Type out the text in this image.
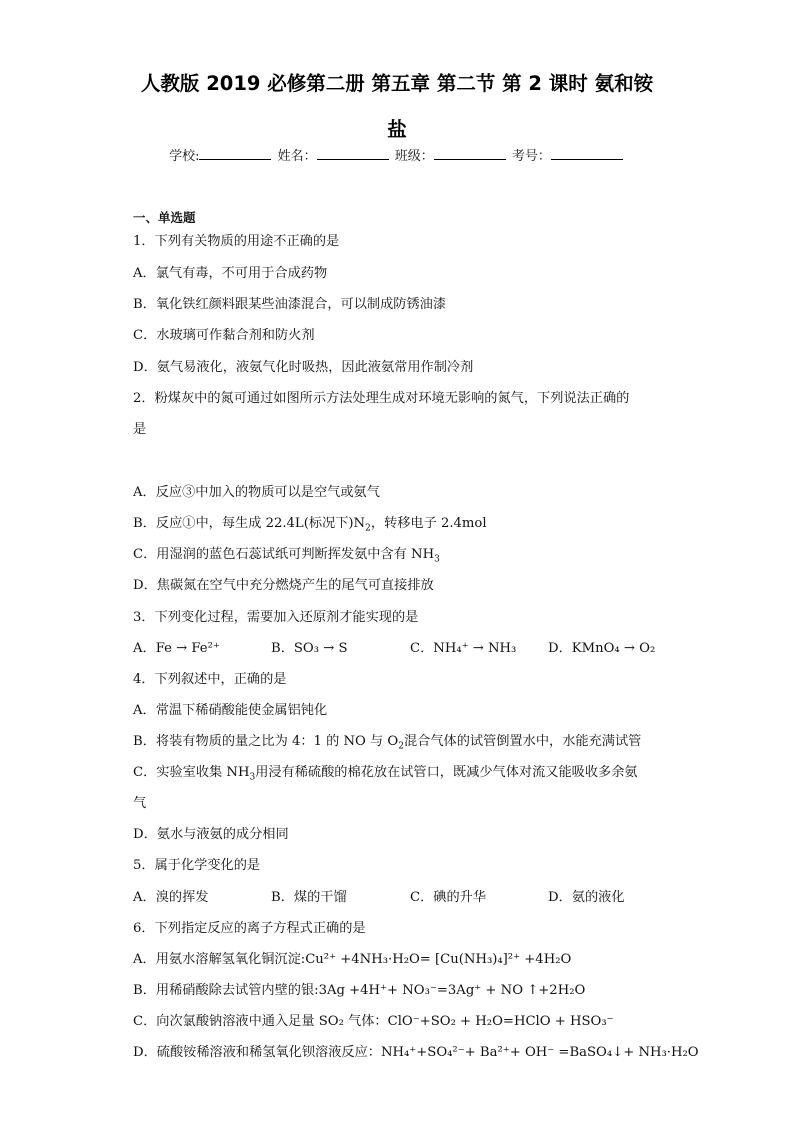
人教版 2019 必修第二册 第五章 第二节 第 2 课时 氨和铵
盐
学校:	姓名：	班级：	考号：
一、单选题
1．下列有关物质的用途不正确的是
A．氯气有毒，不可用于合成药物
B．氧化铁红颜料跟某些油漆混合，可以制成防锈油漆
C．水玻璃可作黏合剂和防火剂
D．氨气易液化，液氨气化时吸热，因此液氨常用作制冷剂
2．粉煤灰中的氮可通过如图所示方法处理生成对环境无影响的氮气，下列说法正确的
是
A．反应③中加入的物质可以是空气或氨气
B．反应①中，每生成 22.4L(标况下)$N_2$，转移电子 2.4mol
C．用湿润的蓝色石蕊试纸可判断挥发氨中含有 $NH_3$
D．焦碳氮在空气中充分燃烧产生的尾气可直接排放
3．下列变化过程，需要加入还原剂才能实现的是
A．Fe → Fe²⁺	B．SO₃ → S	C．NH₄⁺ → NH₃ D．KMnO₄ → O₂
4．下列叙述中，正确的是
A．常温下稀硝酸能使金属铝钝化
B．将装有物质的量之比为 4：1 的 NO 与 $O_2$混合气体的试管倒置水中，水能充满试管
C．实验室收集 $NH_3$用浸有稀硫酸的棉花放在试管口，既减少气体对流又能吸收多余氨
气
D．氨水与液氨的成分相同
5．属于化学变化的是
A．溴的挥发	B．煤的干馏	C．碘的升华	D．氨的液化
6．下列指定反应的离子方程式正确的是
A．用氨水溶解氢氧化铜沉淀:Cu²⁺ +4NH₃·H₂O= [Cu(NH₃)₄]²⁺ +4H₂O
B．用稀硝酸除去试管内壁的银:3Ag +4H⁺+ NO₃⁻=3Ag⁺ + NO ↑+2H₂O
C．向次氯酸钠溶液中通入足量 SO₂ 气体：ClO⁻+SO₂ + H₂O=HClO + HSO₃⁻
D．硫酸铵稀溶液和稀氢氧化钡溶液反应：NH₄⁺+SO₄²⁻+ Ba²⁺+ OH⁻ =BaSO₄↓+ NH₃·H₂O
